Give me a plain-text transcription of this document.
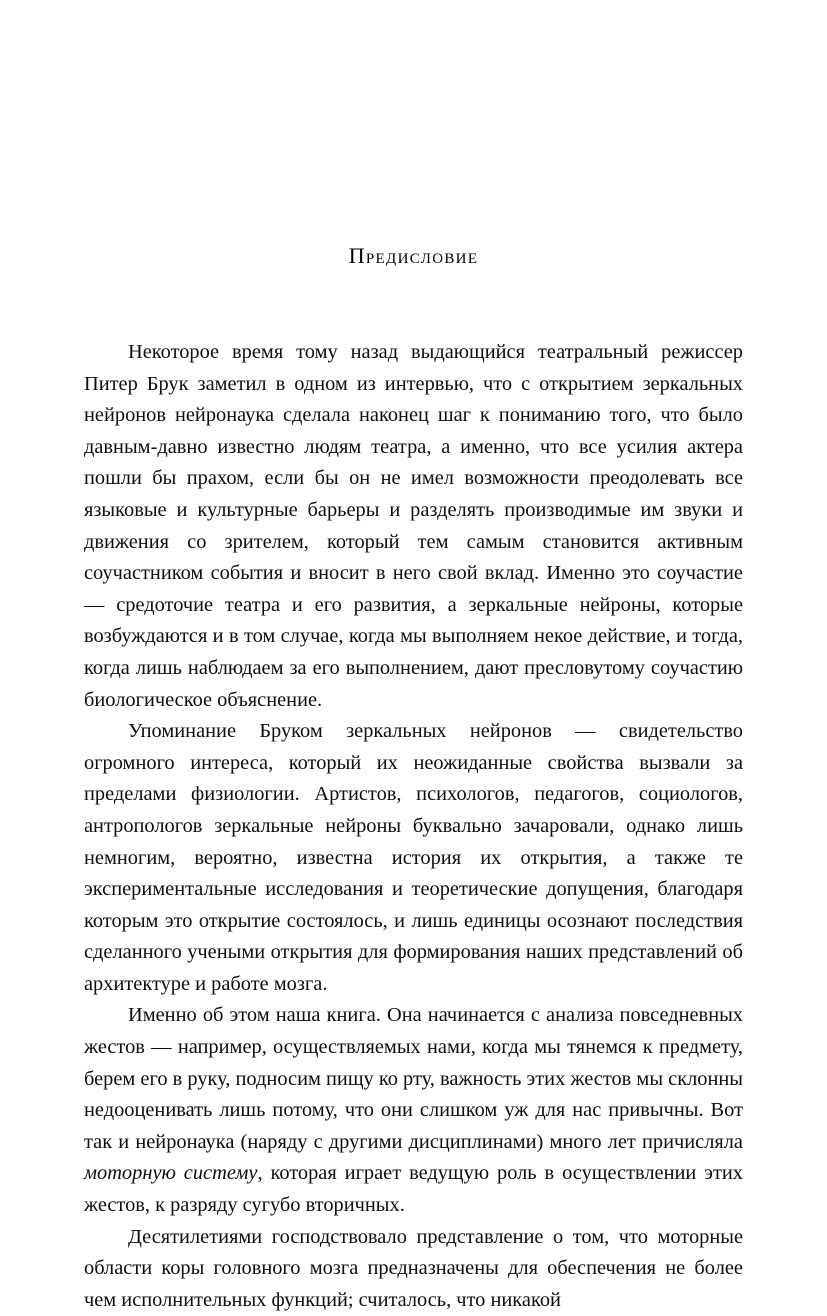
Предисловие

Некоторое время тому назад выдающийся театральный режиссер Питер Брук заметил в одном из интервью, что с открытием зеркальных нейронов нейронаука сделала наконец шаг к пониманию того, что было давным-давно известно людям театра, а именно, что все усилия актера пошли бы прахом, если бы он не имел возможности преодолевать все языковые и культурные барьеры и разделять производимые им звуки и движения со зрителем, который тем самым становится активным соучастником события и вносит в него свой вклад. Именно это соучастие — средоточие театра и его развития, а зеркальные нейроны, которые возбуждаются и в том случае, когда мы выполняем некое действие, и тогда, когда лишь наблюдаем за его выполнением, дают пресловутому соучастию биологическое объяснение.

Упоминание Бруком зеркальных нейронов — свидетельство огромного интереса, который их неожиданные свойства вызвали за пределами физиологии. Артистов, психологов, педагогов, социологов, антропологов зеркальные нейроны буквально зачаровали, однако лишь немногим, вероятно, известна история их открытия, а также те экспериментальные исследования и теоретические допущения, благодаря которым это открытие состоялось, и лишь единицы осознают последствия сделанного учеными открытия для формирования наших представлений об архитектуре и работе мозга.

Именно об этом наша книга. Она начинается с анализа повседневных жестов — например, осуществляемых нами, когда мы тянемся к предмету, берем его в руку, подносим пищу ко рту, важность этих жестов мы склонны недооценивать лишь потому, что они слишком уж для нас привычны. Вот так и нейронаука (наряду с другими дисциплинами) много лет причисляла моторную систему, которая играет ведущую роль в осуществлении этих жестов, к разряду сугубо вторичных.

Десятилетиями господствовало представление о том, что моторные области коры головного мозга предназначены для обеспечения не более чем исполнительных функций; считалось, что никакой
